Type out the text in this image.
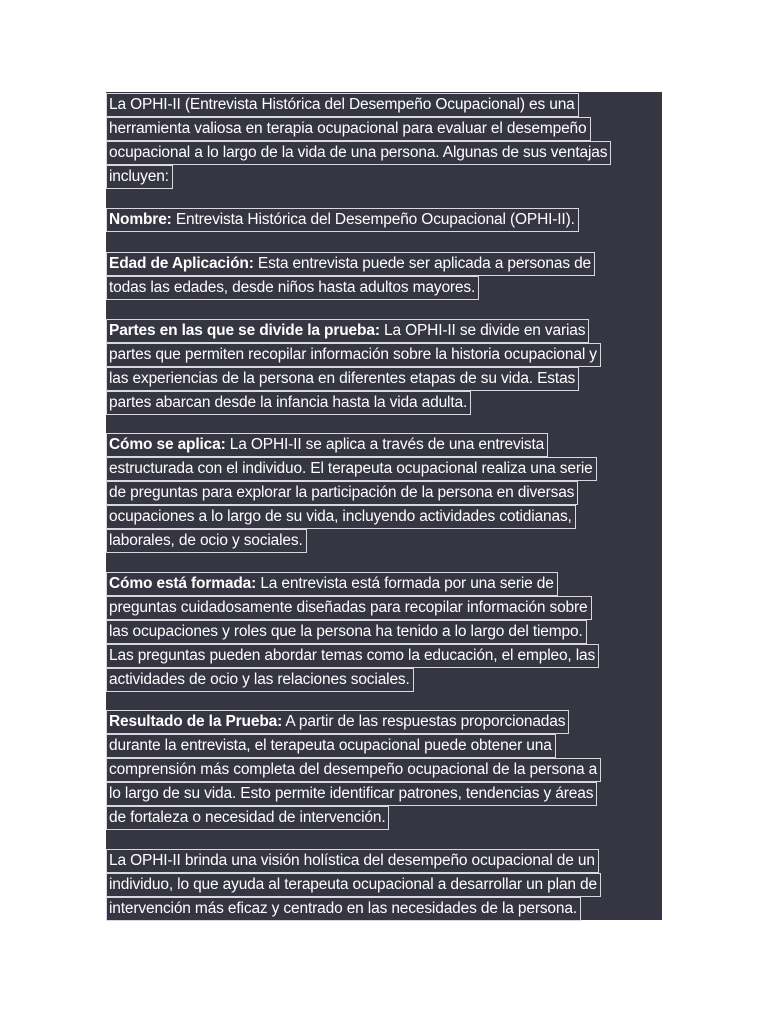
La OPHI-II (Entrevista Histórica del Desempeño Ocupacional) es una
herramienta valiosa en terapia ocupacional para evaluar el desempeño
ocupacional a lo largo de la vida de una persona. Algunas de sus ventajas
incluyen:
Nombre: Entrevista Histórica del Desempeño Ocupacional (OPHI-II).
Edad de Aplicación: Esta entrevista puede ser aplicada a personas de
todas las edades, desde niños hasta adultos mayores.
Partes en las que se divide la prueba: La OPHI-II se divide en varias
partes que permiten recopilar información sobre la historia ocupacional y
las experiencias de la persona en diferentes etapas de su vida. Estas
partes abarcan desde la infancia hasta la vida adulta.
Cómo se aplica: La OPHI-II se aplica a través de una entrevista
estructurada con el individuo. El terapeuta ocupacional realiza una serie
de preguntas para explorar la participación de la persona en diversas
ocupaciones a lo largo de su vida, incluyendo actividades cotidianas,
laborales, de ocio y sociales.
Cómo está formada: La entrevista está formada por una serie de
preguntas cuidadosamente diseñadas para recopilar información sobre
las ocupaciones y roles que la persona ha tenido a lo largo del tiempo.
Las preguntas pueden abordar temas como la educación, el empleo, las
actividades de ocio y las relaciones sociales.
Resultado de la Prueba: A partir de las respuestas proporcionadas
durante la entrevista, el terapeuta ocupacional puede obtener una
comprensión más completa del desempeño ocupacional de la persona a
lo largo de su vida. Esto permite identificar patrones, tendencias y áreas
de fortaleza o necesidad de intervención.
La OPHI-II brinda una visión holística del desempeño ocupacional de un
individuo, lo que ayuda al terapeuta ocupacional a desarrollar un plan de
intervención más eficaz y centrado en las necesidades de la persona.
